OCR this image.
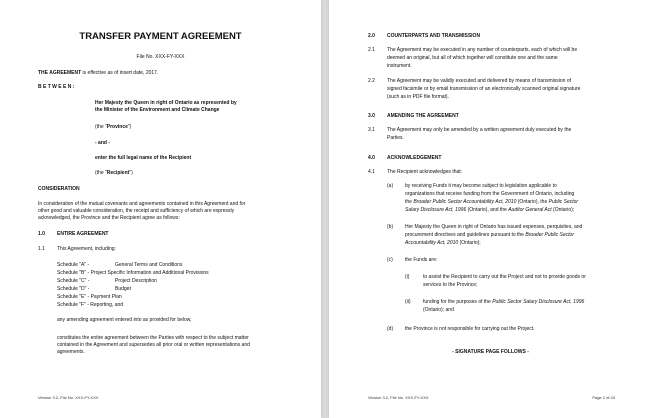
TRANSFER PAYMENT AGREEMENT
File No. XXX-FY-XXX
THE AGREEMENT is effective as of insert date, 2017.
B E T W E E N :
Her Majesty the Queen in right of Ontario as represented by
the Minister of the Environment and Climate Change
(the "Province")
- and -
enter the full legal name of the Recipient
(the "Recipient")
CONSIDERATION
In consideration of the mutual covenants and agreements contained in this Agreement and for
other good and valuable consideration, the receipt and sufficiency of which are expressly
acknowledged, the Province and the Recipient agree as follows:
1.0 ENTIRE AGREEMENT
1.1 This Agreement, including:
Schedule "A" -	General Terms and Conditions
Schedule "B" - Project Specific Information and Additional Provisions
Schedule "C" -	Project Description
Schedule "D" -	Budget
Schedule "E" - Payment Plan
Schedule "F" - Reporting, and
any amending agreement entered into as provided for below,
constitutes the entire agreement between the Parties with respect to the subject matter
contained in the Agreement and supersedes all prior oral or written representations and
agreements.
Version 3.2, File No. XXX-FY-XXX
2.0 COUNTERPARTS AND TRANSMISSION
2.1 The Agreement may be executed in any number of counterparts, each of which will be
deemed an original, but all of which together will constitute one and the same
instrument.
2.2 The Agreement may be validly executed and delivered by means of transmission of
signed facsimile or by email transmission of an electronically scanned original signature
(such as in PDF file format).
3.0 AMENDING THE AGREEMENT
3.1 The Agreement may only be amended by a written agreement duly executed by the
Parties.
4.0 ACKNOWLEDGEMENT
4.1 The Recipient acknowledges that:
(a) by receiving Funds it may become subject to legislation applicable to
organizations that receive funding from the Government of Ontario, including
the Broader Public Sector Accountability Act, 2010 (Ontario), the Public Sector
Salary Disclosure Act, 1996 (Ontario), and the Auditor General Act (Ontario);
(b) Her Majesty the Queen in right of Ontario has issued expenses, perquisites, and
procurement directives and guidelines pursuant to the Broader Public Sector
Accountability Act, 2010 (Ontario);
(c) the Funds are:
(i)	to assist the Recipient to carry out the Project and not to provide goods or
services to the Province;
(ii) funding for the purposes of the Public Sector Salary Disclosure Act, 1996
(Ontario); and
(d) the Province is not responsible for carrying out the Project.
- SIGNATURE PAGE FOLLOWS -
Version 3.2, File No. XXX-FY-XXX	Page 2 of 43
